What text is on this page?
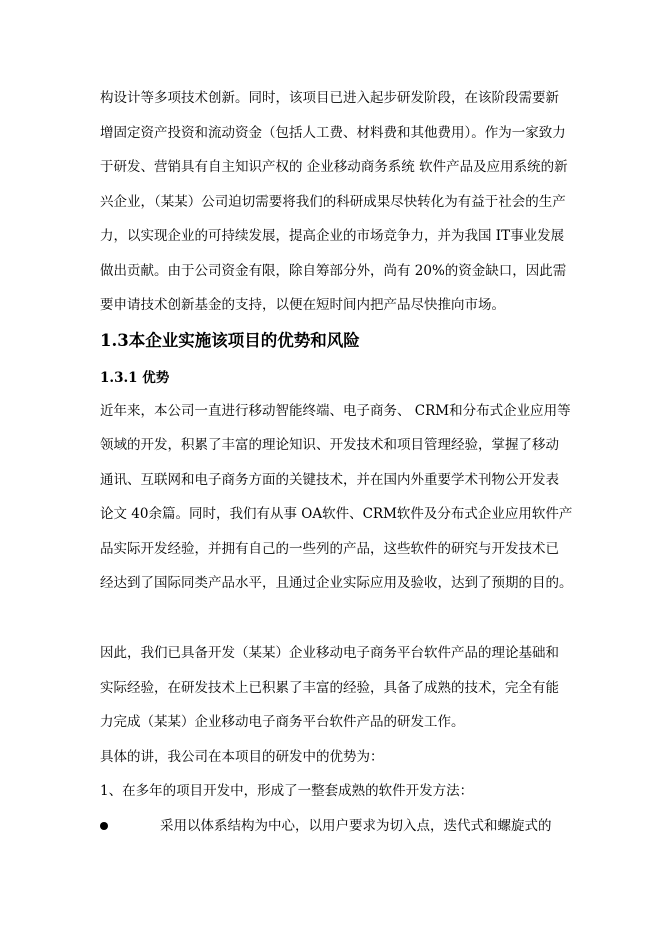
构设计等多项技术创新。同时，该项目已进入起步研发阶段，在该阶段需要新
增固定资产投资和流动资金（包括人工费、材料费和其他费用）。作为一家致力
于研发、营销具有自主知识产权的 企业移动商务系统 软件产品及应用系统的新
兴企业，（某某）公司迫切需要将我们的科研成果尽快转化为有益于社会的生产
力，以实现企业的可持续发展，提高企业的市场竞争力，并为我国 IT事业发展
做出贡献。由于公司资金有限，除自筹部分外，尚有 20%的资金缺口，因此需
要申请技术创新基金的支持，以便在短时间内把产品尽快推向市场。
1.3本企业实施该项目的优势和风险
1.3.1 优势
近年来，本公司一直进行移动智能终端、电子商务、 CRM和分布式企业应用等
领域的开发，积累了丰富的理论知识、开发技术和项目管理经验，掌握了移动
通讯、互联网和电子商务方面的关键技术，并在国内外重要学术刊物公开发表
论文 40余篇。同时，我们有从事 OA软件、CRM软件及分布式企业应用软件产
品实际开发经验，并拥有自己的一些列的产品，这些软件的研究与开发技术已
经达到了国际同类产品水平，且通过企业实际应用及验收，达到了预期的目的。
因此，我们已具备开发（某某）企业移动电子商务平台软件产品的理论基础和
实际经验，在研发技术上已积累了丰富的经验，具备了成熟的技术，完全有能
力完成（某某）企业移动电子商务平台软件产品的研发工作。
具体的讲，我公司在本项目的研发中的优势为：
1、在多年的项目开发中，形成了一整套成熟的软件开发方法：
采用以体系结构为中心，以用户要求为切入点，迭代式和螺旋式的
